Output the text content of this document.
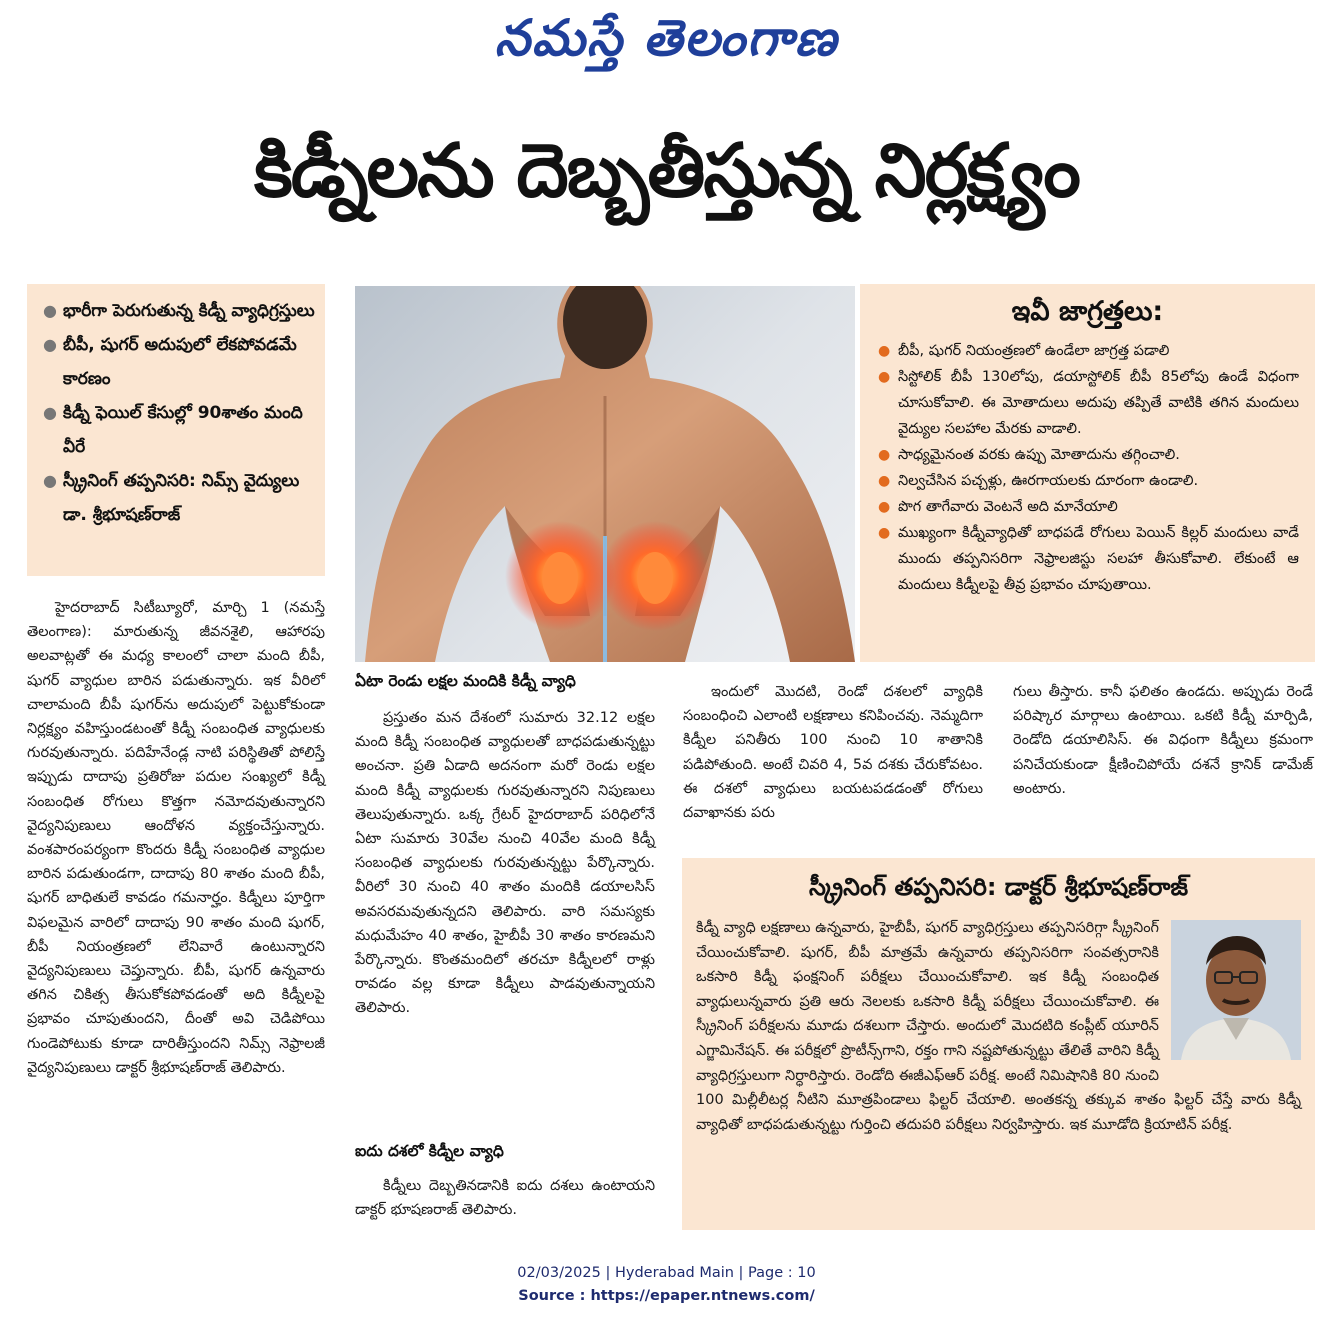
నమస్తే తెలంగాణ
కిడ్నీలను దెబ్బతీస్తున్న నిర్లక్ష్యం
● భారీగా పెరుగుతున్న కిడ్నీ వ్యాధిగ్రస్తులు
● బీపీ, షుగర్ అదుపులో లేకపోవడమే కారణం
● కిడ్నీ ఫెయిల్ కేసుల్లో 90శాతం మంది వీరే
● స్క్రీనింగ్ తప్పనిసరి: నిమ్స్ వైద్యులు డా. శ్రీభూషణ్‌రాజ్
ఇవీ జాగ్రత్తలు:
● బీపీ, షుగర్ నియంత్రణలో ఉండేలా జాగ్రత్త పడాలి
● సిస్టోలిక్ బీపీ 130లోపు, డయాస్టోలిక్ బీపీ 85లోపు ఉండే విధంగా చూసుకోవాలి. ఈ మోతాదులు అదుపు తప్పితే వాటికి తగిన మందులు వైద్యుల సలహాల మేరకు వాడాలి.
● సాధ్యమైనంత వరకు ఉప్పు మోతాదును తగ్గించాలి.
● నిల్వచేసిన పచ్చళ్లు, ఊరగాయలకు దూరంగా ఉండాలి.
● పొగ తాగేవారు వెంటనే అది మానేయాలి
● ముఖ్యంగా కిడ్నీవ్యాధితో బాధపడే రోగులు పెయిన్ కిల్లర్ మందులు వాడే ముందు తప్పనిసరిగా నెఫ్రాలజిస్టు సలహా తీసుకోవాలి. లేకుంటే ఆ మందులు కిడ్నీలపై తీవ్ర ప్రభావం చూపుతాయి.

హైదరాబాద్ సిటీబ్యూరో, మార్చి 1 (నమస్తే తెలంగాణ): మారుతున్న జీవనశైలి, ఆహారపు అలవాట్లతో ఈ మధ్య కాలంలో చాలా మంది బీపీ, షుగర్ వ్యాధుల బారిన పడుతున్నారు. ఇక వీరిలో చాలామంది బీపీ షుగర్‌ను అదుపులో పెట్టుకోకుండా నిర్లక్ష్యం వహిస్తుండటంతో కిడ్నీ సంబంధిత వ్యాధులకు గురవుతున్నారు. పదిహేనేండ్ల నాటి పరిస్థితితో పోలిస్తే ఇప్పుడు దాదాపు ప్రతిరోజు పదుల సంఖ్యలో కిడ్నీ సంబంధిత రోగులు కొత్తగా నమోదవుతున్నారని వైద్యనిపుణులు ఆందోళన వ్యక్తంచేస్తున్నారు. వంశపారంపర్యంగా కొందరు కిడ్నీ సంబంధిత వ్యాధుల బారిన పడుతుండగా, దాదాపు 80 శాతం మంది బీపీ, షుగర్ బాధితులే కావడం గమనార్హం. కిడ్నీలు పూర్తిగా విఫలమైన వారిలో దాదాపు 90 శాతం మంది షుగర్, బీపీ నియంత్రణలో లేనివారే ఉంటున్నారని వైద్యనిపుణులు చెప్తున్నారు. బీపీ, షుగర్ ఉన్నవారు తగిన చికిత్స తీసుకోకపోవడంతో అది కిడ్నీలపై ప్రభావం చూపుతుందని, దీంతో అవి చెడిపోయి గుండెపోటుకు కూడా దారితీస్తుందని నిమ్స్ నెఫ్రాలజీ వైద్యనిపుణులు డాక్టర్ శ్రీభూషణ్‌రాజ్ తెలిపారు.

ఏటా రెండు లక్షల మందికి కిడ్నీ వ్యాధి

ప్రస్తుతం మన దేశంలో సుమారు 32.12 లక్షల మంది కిడ్నీ సంబంధిత వ్యాధులతో బాధపడుతున్నట్టు అంచనా. ప్రతి ఏడాది అదనంగా మరో రెండు లక్షల మంది కిడ్నీ వ్యాధులకు గురవుతున్నారని నిపుణులు తెలుపుతున్నారు. ఒక్క గ్రేటర్ హైదరాబాద్ పరిధిలోనే ఏటా సుమారు 30వేల నుంచి 40వేల మంది కిడ్నీ సంబంధిత వ్యాధులకు గురవుతున్నట్టు పేర్కొన్నారు. వీరిలో 30 నుంచి 40 శాతం మందికి డయాలసిస్ అవసరమవుతున్నదని తెలిపారు. వారి సమస్యకు మధుమేహం 40 శాతం, హైబీపీ 30 శాతం కారణమని పేర్కొన్నారు. కొంతమందిలో తరచూ కిడ్నీలలో రాళ్లు రావడం వల్ల కూడా కిడ్నీలు పాడవుతున్నాయని తెలిపారు.

ఐదు దశలో కిడ్నీల వ్యాధి

కిడ్నీలు దెబ్బతినడానికి ఐదు దశలు ఉంటాయని డాక్టర్ భూషణరాజ్ తెలిపారు.

ఇందులో మొదటి, రెండో దశలలో వ్యాధికి సంబంధించి ఎలాంటి లక్షణాలు కనిపించవు. నెమ్మదిగా కిడ్నీల పనితీరు 100 నుంచి 10 శాతానికి పడిపోతుంది. అంటే చివరి 4, 5వ దశకు చేరుకోవటం. ఈ దశలో వ్యాధులు బయటపడడంతో రోగులు దవాఖానకు పరు

గులు తీస్తారు. కానీ ఫలితం ఉండదు. అప్పుడు రెండే పరిష్కార మార్గాలు ఉంటాయి. ఒకటి కిడ్నీ మార్పిడి, రెండోది డయాలిసిస్. ఈ విధంగా కిడ్నీలు క్రమంగా పనిచేయకుండా క్షీణించిపోయే దశనే క్రానిక్ డామేజ్ అంటారు.

స్క్రీనింగ్ తప్పనిసరి: డాక్టర్ శ్రీభూషణ్‌రాజ్
కిడ్నీ వ్యాధి లక్షణాలు ఉన్నవారు, హైబీపీ, షుగర్ వ్యాధిగ్రస్తులు తప్పనిసరిగ్గా స్క్రీనింగ్ చేయించుకోవాలి. షుగర్, బీపీ మాత్రమే ఉన్నవారు తప్పనిసరిగా సంవత్సరానికి ఒకసారి కిడ్నీ ఫంక్షనింగ్ పరీక్షలు చేయించుకోవాలి. ఇక కిడ్నీ సంబంధిత వ్యాధులున్నవారు ప్రతి ఆరు నెలలకు ఒకసారి కిడ్నీ పరీక్షలు చేయించుకోవాలి. ఈ స్క్రీనింగ్ పరీక్షలను మూడు దశలుగా చేస్తారు. అందులో మొదటిది కంప్లీట్ యూరిన్ ఎగ్జామినేషన్. ఈ పరీక్షలో ప్రొటీన్స్‌గాని, రక్తం గాని నష్టపోతున్నట్టు తేలితే వారిని కిడ్నీ వ్యాధిగ్రస్తులుగా నిర్ధారిస్తారు. రెండోది ఈజీఎఫ్‌ఆర్ పరీక్ష. అంటే నిమిషానికి 80 నుంచి 100 మిల్లీలీటర్ల నీటిని మూత్రపిండాలు ఫిల్టర్ చేయాలి. అంతకన్న తక్కువ శాతం ఫిల్టర్ చేస్తే వారు కిడ్నీ వ్యాధితో బాధపడుతున్నట్టు గుర్తించి తదుపరి పరీక్షలు నిర్వహిస్తారు. ఇక మూడోది క్రియాటిన్ పరీక్ష.
02/03/2025 | Hyderabad Main | Page : 10
Source : https://epaper.ntnews.com/
